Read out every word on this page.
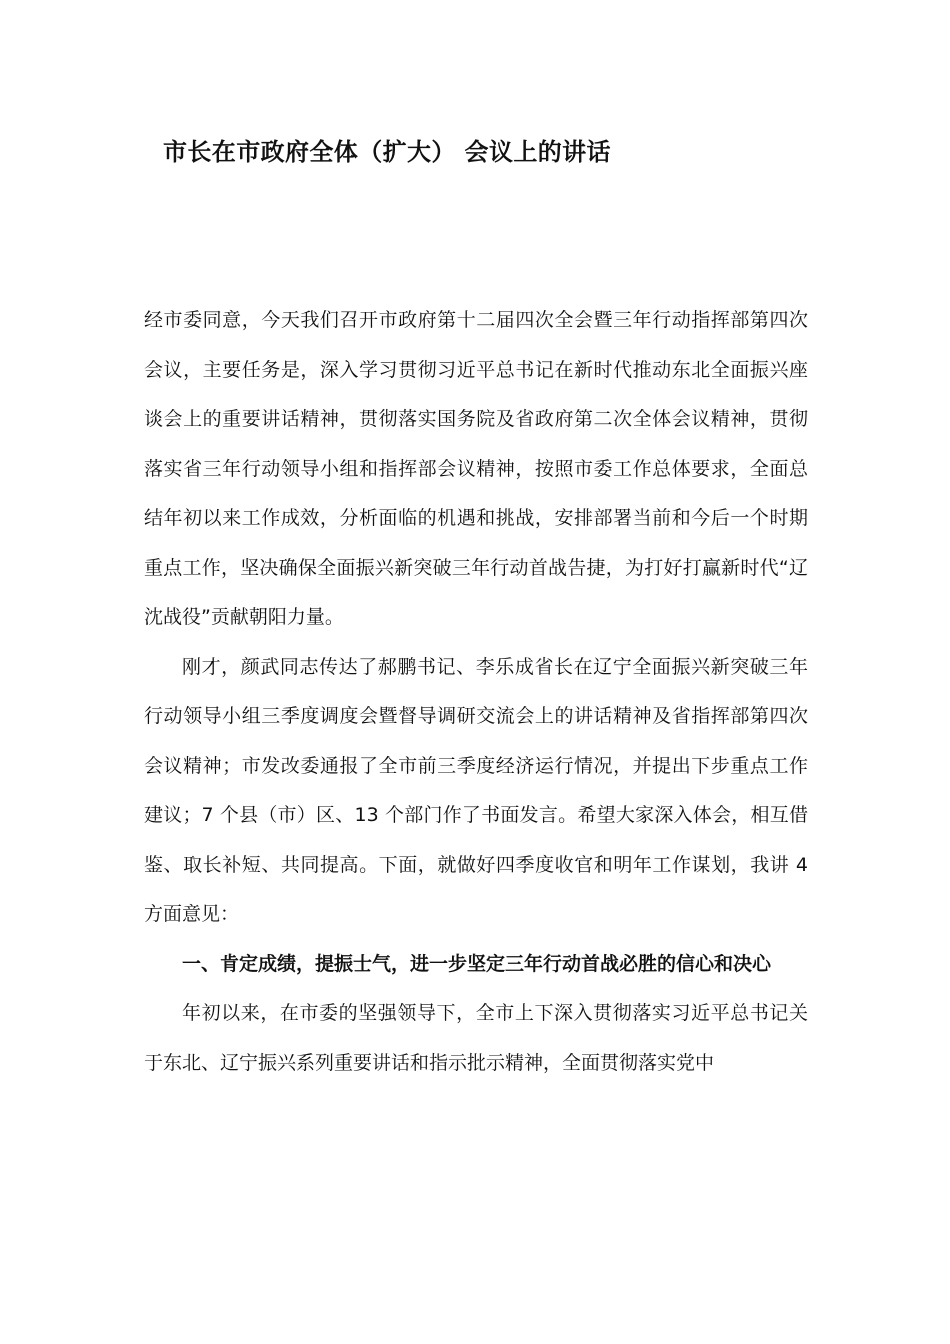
市长在市政府全体（扩大） 会议上的讲话

经市委同意，今天我们召开市政府第十二届四次全会暨三年行动指挥部第四次会议，主要任务是，深入学习贯彻习近平总书记在新时代推动东北全面振兴座谈会上的重要讲话精神，贯彻落实国务院及省政府第二次全体会议精神，贯彻落实省三年行动领导小组和指挥部会议精神，按照市委工作总体要求，全面总结年初以来工作成效，分析面临的机遇和挑战，安排部署当前和今后一个时期重点工作，坚决确保全面振兴新突破三年行动首战告捷，为打好打赢新时代“辽沈战役”贡献朝阳力量。

刚才，颜武同志传达了郝鹏书记、李乐成省长在辽宁全面振兴新突破三年行动领导小组三季度调度会暨督导调研交流会上的讲话精神及省指挥部第四次会议精神；市发改委通报了全市前三季度经济运行情况，并提出下步重点工作建议；7 个县（市）区、13 个部门作了书面发言。希望大家深入体会，相互借鉴、取长补短、共同提高。下面，就做好四季度收官和明年工作谋划，我讲 4 方面意见：

一、肯定成绩，提振士气，进一步坚定三年行动首战必胜的信心和决心

年初以来，在市委的坚强领导下，全市上下深入贯彻落实习近平总书记关于东北、辽宁振兴系列重要讲话和指示批示精神，全面贯彻落实党中
